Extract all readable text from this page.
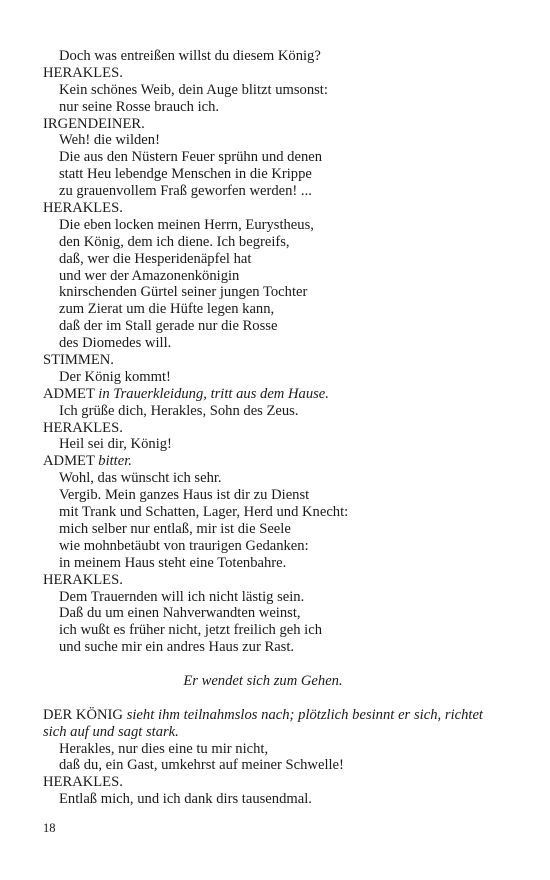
Doch was entreißen willst du diesem König?
HERAKLES.
Kein schönes Weib, dein Auge blitzt umsonst:
nur seine Rosse brauch ich.
IRGENDEINER.
Weh! die wilden!
Die aus den Nüstern Feuer sprühn und denen
statt Heu lebendge Menschen in die Krippe
zu grauenvollem Fraß geworfen werden! ...
HERAKLES.
Die eben locken meinen Herrn, Eurystheus,
den König, dem ich diene. Ich begreifs,
daß, wer die Hesperidenäpfel hat
und wer der Amazonenkönigin
knirschenden Gürtel seiner jungen Tochter
zum Zierat um die Hüfte legen kann,
daß der im Stall gerade nur die Rosse
des Diomedes will.
STIMMEN.
Der König kommt!
ADMET in Trauerkleidung, tritt aus dem Hause.
Ich grüße dich, Herakles, Sohn des Zeus.
HERAKLES.
Heil sei dir, König!
ADMET bitter.
Wohl, das wünscht ich sehr.
Vergib. Mein ganzes Haus ist dir zu Dienst
mit Trank und Schatten, Lager, Herd und Knecht:
mich selber nur entlaß, mir ist die Seele
wie mohnbetäubt von traurigen Gedanken:
in meinem Haus steht eine Totenbahre.
HERAKLES.
Dem Trauernden will ich nicht lästig sein.
Daß du um einen Nahverwandten weinst,
ich wußt es früher nicht, jetzt freilich geh ich
und suche mir ein andres Haus zur Rast.
Er wendet sich zum Gehen.
DER KÖNIG sieht ihm teilnahmslos nach; plötzlich besinnt er sich, richtet sich auf und sagt stark.
Herakles, nur dies eine tu mir nicht,
daß du, ein Gast, umkehrst auf meiner Schwelle!
HERAKLES.
Entlaß mich, und ich dank dirs tausendmal.
18
